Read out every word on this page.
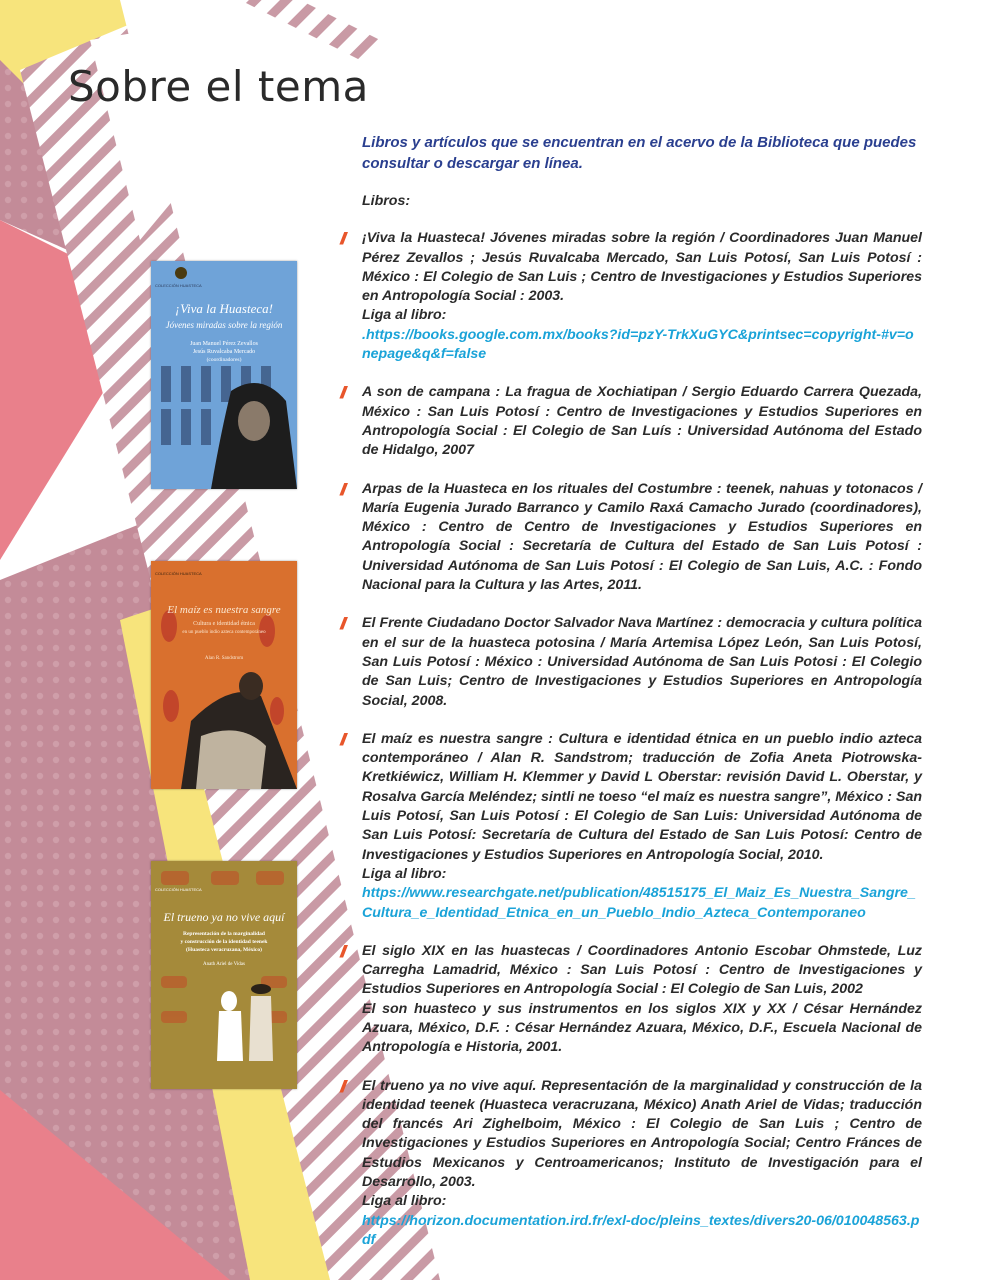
Sobre el tema
COLECCIÓN HUASTECA
¡Viva la Huasteca!
Jóvenes miradas sobre la región
Juan Manuel Pérez Zevallos
Jesús Ruvalcaba Mercado
(coordinadores)
COLECCIÓN HUASTECA
El maíz es nuestra sangre
Cultura e identidad étnica
en un pueblo indio azteca contemporáneo
Alan R. Sandstrom
COLECCIÓN HUASTECA
El trueno ya no vive aquí
Representación de la marginalidad
y construcción de la identidad teenek
(Huasteca veracruzana, México)
Anath Ariel de Vidas

Libros y artículos que se encuentran en el acervo de la Biblioteca que puedes consultar o descargar en línea.

Libros:

// ¡Viva la Huasteca! Jóvenes miradas sobre la región / Coordinadores Juan Manuel Pérez Zevallos ; Jesús Ruvalcaba Mercado, San Luis Potosí, San Luis Potosí : México : El Colegio de San Luis ; Centro de Investigaciones y Estudios Superiores en Antropología Social : 2003.

Liga al libro:
.https://books.google.com.mx/books?id=pzY-TrkXuGYC&printsec=copyright-#v=onepage&q&f=false
// A son de campana : La fragua de Xochiatipan / Sergio Eduardo Carrera Quezada, México : San Luis Potosí : Centro de Investigaciones y Estudios Superiores en Antropología Social : El Colegio de San Luís : Universidad Autónoma del Estado de Hidalgo, 2007

// Arpas de la Huasteca en los rituales del Costumbre : teenek, nahuas y totonacos / María Eugenia Jurado Barranco y Camilo Raxá Camacho Jurado (coordinadores), México : Centro de Centro de Investigaciones y Estudios Superiores en Antropología Social : Secretaría de Cultura del Estado de San Luis Potosí : Universidad Autónoma de San Luis Potosí : El Colegio de San Luis, A.C. : Fondo Nacional para la Cultura y las Artes, 2011.

// El Frente Ciudadano Doctor Salvador Nava Martínez : democracia y cultura política en el sur de la huasteca potosina / María Artemisa López León, San Luis Potosí, San Luis Potosí : México : Universidad Autónoma de San Luis Potosi : El Colegio de San Luis; Centro de Investigaciones y Estudios Superiores en Antropología Social, 2008.

// El maíz es nuestra sangre : Cultura e identidad étnica en un pueblo indio azteca contemporáneo / Alan R. Sandstrom; traducción de Zofia Aneta Piotrowska-Kretkiéwicz, William H. Klemmer y David L Oberstar: revisión David L. Oberstar, y Rosalva García Meléndez; sintli ne toeso “el maíz es nuestra sangre”, México : San Luis Potosí, San Luis Potosí : El Colegio de San Luis: Universidad Autónoma de San Luis Potosí: Secretaría de Cultura del Estado de San Luis Potosí: Centro de Investigaciones y Estudios Superiores en Antropología Social, 2010.

Liga al libro:
https://www.researchgate.net/publication/48515175_El_Maiz_Es_Nuestra_Sangre_Cultura_e_Identidad_Etnica_en_un_Pueblo_Indio_Azteca_Contemporaneo
// El siglo XIX en las huastecas / Coordinadores Antonio Escobar Ohmstede, Luz Carregha Lamadrid, México : San Luis Potosí : Centro de Investigaciones y Estudios Superiores en Antropología Social : El Colegio de San Luis, 2002

El son huasteco y sus instrumentos en los siglos XIX y XX / César Hernández Azuara, México, D.F. : César Hernández Azuara, México, D.F., Escuela Nacional de Antropología e Historia, 2001.

// El trueno ya no vive aquí. Representación de la marginalidad y construcción de la identidad teenek (Huasteca veracruzana, México) Anath Ariel de Vidas; traducción del francés Ari Zighelboim, México : El Colegio de San Luis ; Centro de Investigaciones y Estudios Superiores en Antropología Social; Centro Fránces de Estudios Mexicanos y Centroamericanos; Instituto de Investigación para el Desarrollo, 2003.

Liga al libro:
https://horizon.documentation.ird.fr/exl-doc/pleins_textes/divers20-06/010048563.pdf
